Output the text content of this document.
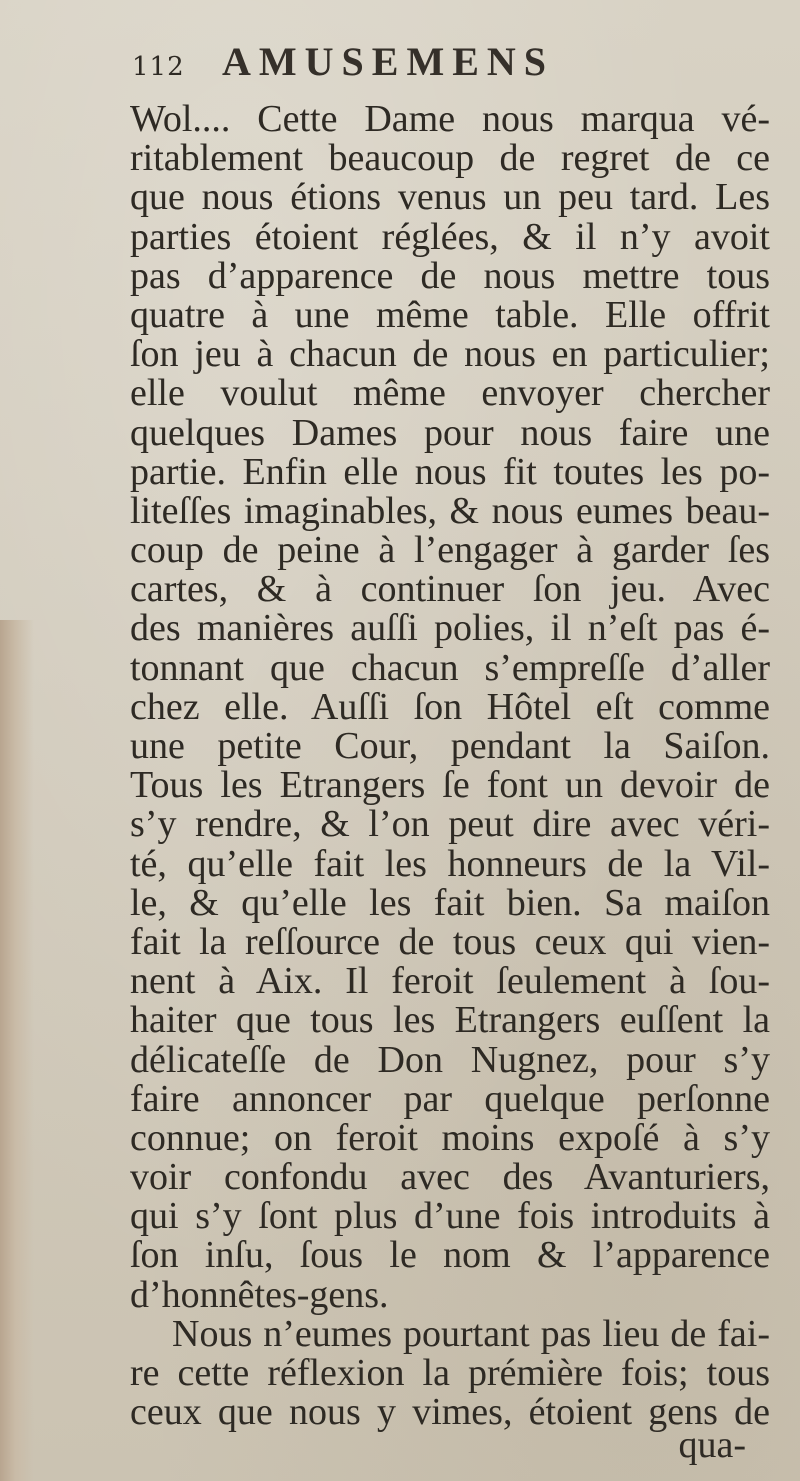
112 AMUSEMENS
Wol.... Cette Dame nous marqua vé-
ritablement beaucoup de regret de ce
que nous étions venus un peu tard. Les
parties étoient réglées, & il n’y avoit
pas d’apparence de nous mettre tous
quatre à une même table. Elle offrit
ſon jeu à chacun de nous en particulier;
elle voulut même envoyer chercher
quelques Dames pour nous faire une
partie. Enfin elle nous fit toutes les po-
liteſſes imaginables, & nous eumes beau-
coup de peine à l’engager à garder ſes
cartes, & à continuer ſon jeu. Avec
des manières auſſi polies, il n’eſt pas é-
tonnant que chacun s’empreſſe d’aller
chez elle. Auſſi ſon Hôtel eſt comme
une petite Cour, pendant la Saiſon.
Tous les Etrangers ſe font un devoir de
s’y rendre, & l’on peut dire avec véri-
té, qu’elle fait les honneurs de la Vil-
le, & qu’elle les fait bien. Sa maiſon
fait la reſſource de tous ceux qui vien-
nent à Aix. Il feroit ſeulement à ſou-
haiter que tous les Etrangers euſſent la
délicateſſe de Don Nugnez, pour s’y
faire annoncer par quelque perſonne
connue; on feroit moins expoſé à s’y
voir confondu avec des Avanturiers,
qui s’y ſont plus d’une fois introduits à
ſon inſu, ſous le nom & l’apparence
d’honnêtes-gens.
Nous n’eumes pourtant pas lieu de fai-
re cette réflexion la prémière fois; tous
ceux que nous y vimes, étoient gens de
qua-
